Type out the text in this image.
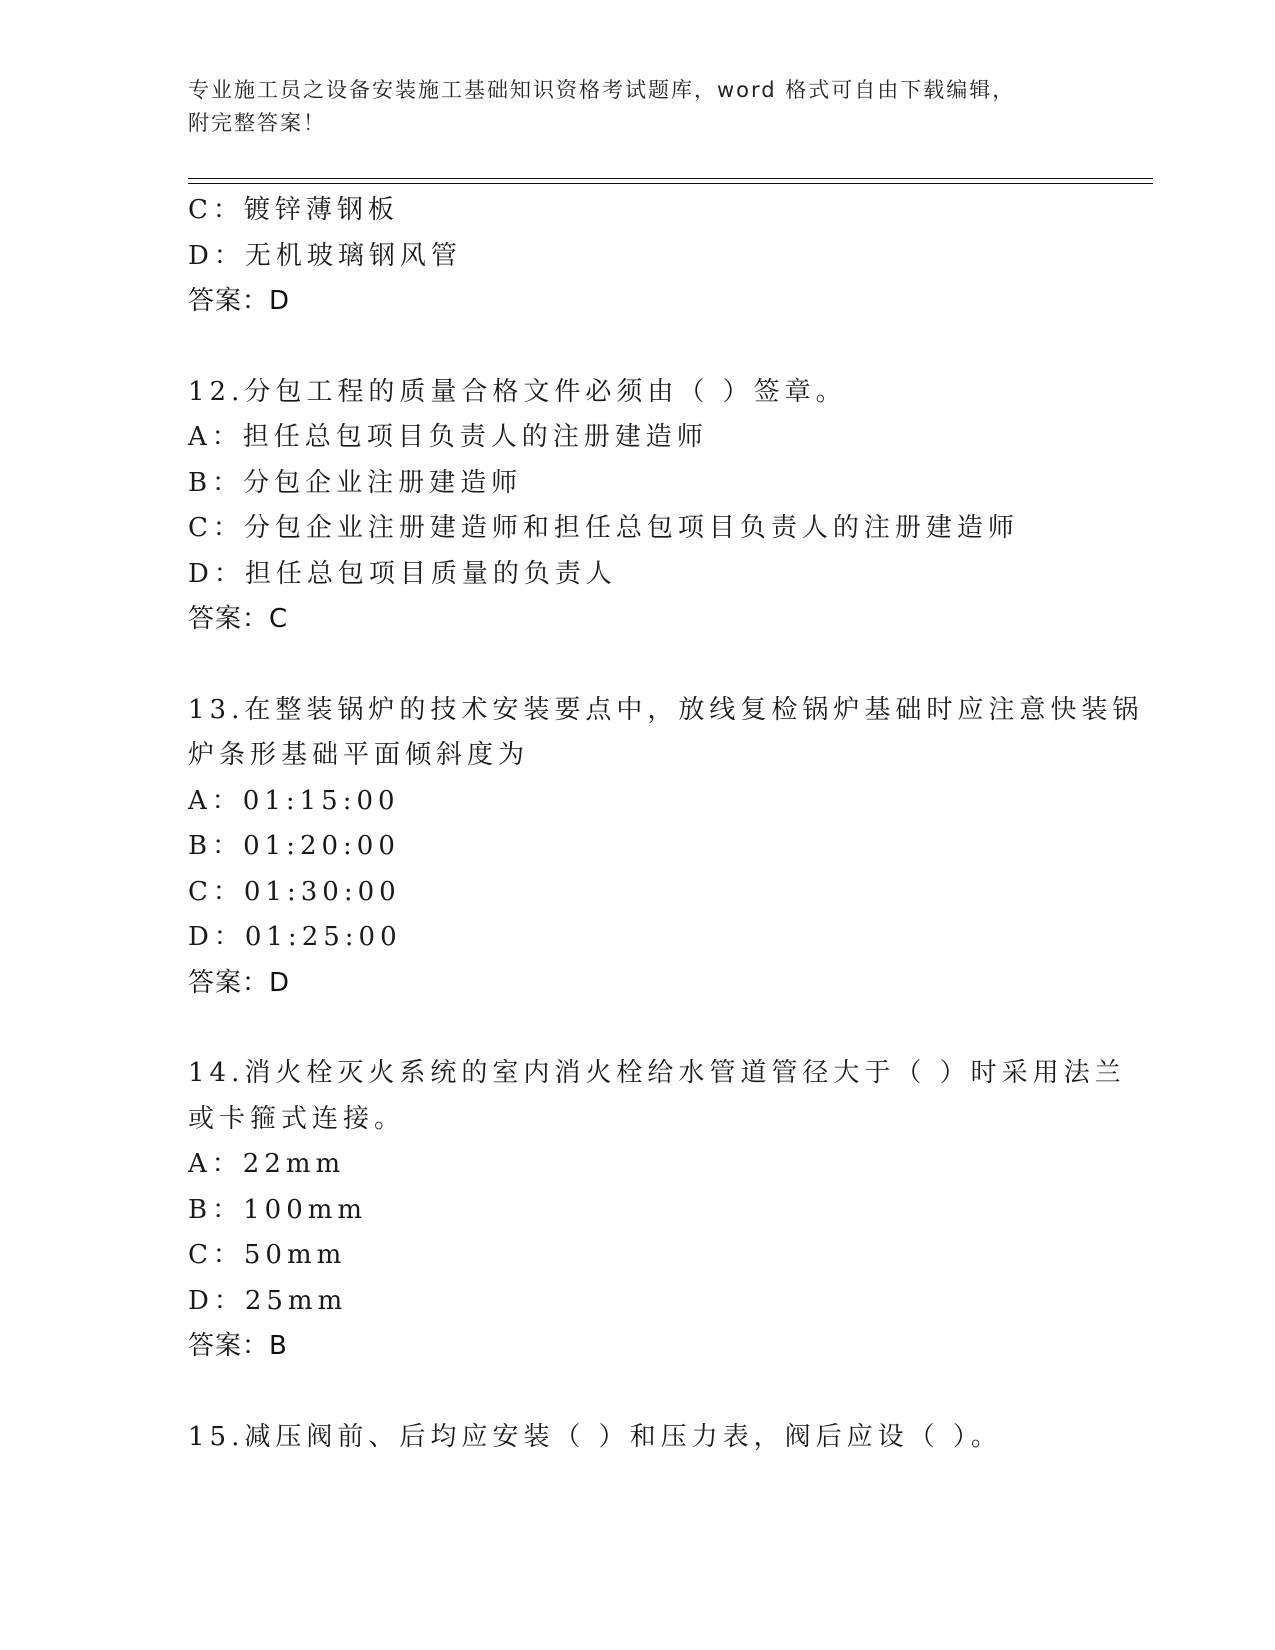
专业施工员之设备安装施工基础知识资格考试题库，word 格式可自由下载编辑，
附完整答案！
C：镀锌薄钢板
D：无机玻璃钢风管
答案：D
12.分包工程的质量合格文件必须由（ ）签章。
A：担任总包项目负责人的注册建造师
B：分包企业注册建造师
C：分包企业注册建造师和担任总包项目负责人的注册建造师
D：担任总包项目质量的负责人
答案：C
13.在整装锅炉的技术安装要点中，放线复检锅炉基础时应注意快装锅
炉条形基础平面倾斜度为
A：01:15:00
B：01:20:00
C：01:30:00
D：01:25:00
答案：D
14.消火栓灭火系统的室内消火栓给水管道管径大于（ ）时采用法兰
或卡箍式连接。
A：22mm
B：100mm
C：50mm
D：25mm
答案：B
15.减压阀前、后均应安装（ ）和压力表，阀后应设（ ）。
